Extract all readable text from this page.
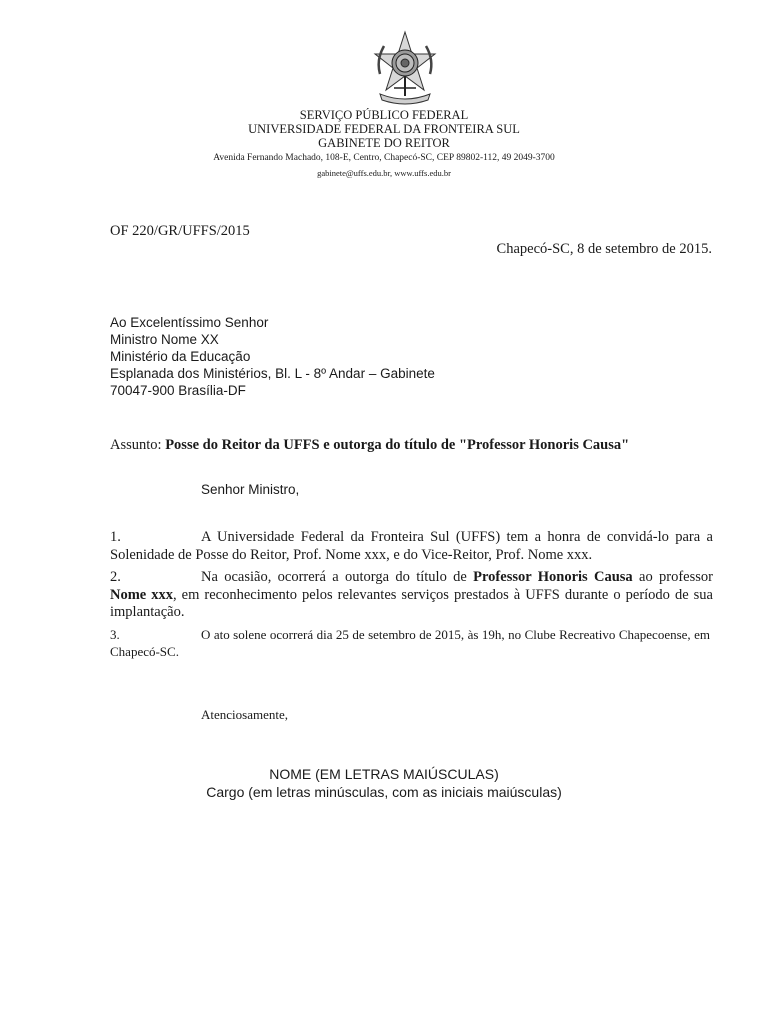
SERVIÇO PÚBLICO FEDERAL
UNIVERSIDADE FEDERAL DA FRONTEIRA SUL
GABINETE DO REITOR
Avenida Fernando Machado, 108-E, Centro, Chapecó-SC, CEP 89802-112, 49 2049-3700
gabinete@uffs.edu.br, www.uffs.edu.br
OF 220/GR/UFFS/2015
Chapecó-SC, 8 de setembro de 2015.
Ao Excelentíssimo Senhor
Ministro Nome XX
Ministério da Educação
Esplanada dos Ministérios, Bl. L - 8º Andar – Gabinete
70047-900 Brasília-DF
Assunto: Posse do Reitor da UFFS e outorga do título de "Professor Honoris Causa"
Senhor Ministro,
1.	A Universidade Federal da Fronteira Sul (UFFS) tem a honra de convidá-lo para a Solenidade de Posse do Reitor, Prof. Nome xxx, e do Vice-Reitor, Prof. Nome xxx.
2.	Na ocasião, ocorrerá a outorga do título de Professor Honoris Causa ao professor Nome xxx, em reconhecimento pelos relevantes serviços prestados à UFFS durante o período de sua implantação.
3.	O ato solene ocorrerá dia 25 de setembro de 2015, às 19h, no Clube Recreativo Chapecoense, em Chapecó-SC.
Atenciosamente,
NOME (EM LETRAS MAIÚSCULAS)
Cargo (em letras minúsculas, com as iniciais maiúsculas)
